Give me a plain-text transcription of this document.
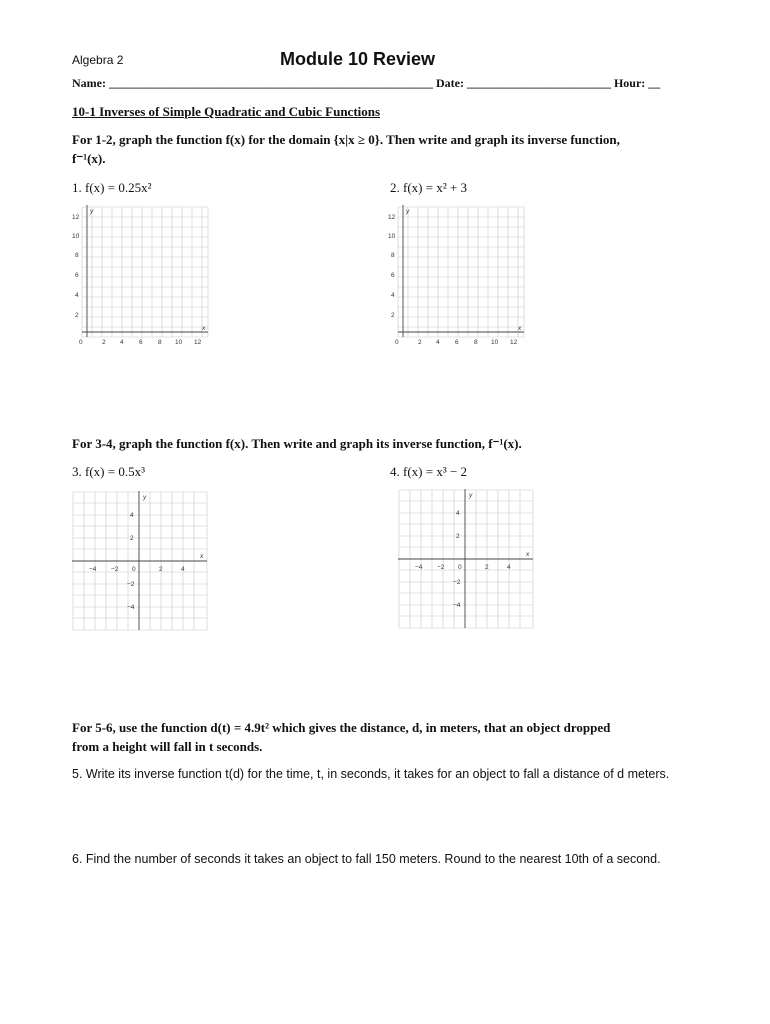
Algebra 2	Module 10 Review
Name: ______________________________________________________ Date: ________________________ Hour: __
10-1 Inverses of Simple Quadratic and Cubic Functions
For 1-2, graph the function f(x) for the domain {x|x ≥ 0}. Then write and graph its inverse function,
f⁻¹(x).
1. f(x) = 0.25x²	2. f(x) = x² + 3
y
x
2
4
6
8
10
12
0	2 4 6 8 10 12
y
x
2
4
6
8
10
12
0	2 4 6 8 10 12
For 3-4, graph the function f(x). Then write and graph its inverse function, f⁻¹(x).
3. f(x) = 0.5x³	4. f(x) = x³ − 2
y
x
4
2
−2
−4
−4 −2 0	2	4
y
x
4
2
−2
−4
−4 −2 0	2	4
For 5-6, use the function d(t) = 4.9t² which gives the distance, d, in meters, that an object dropped
from a height will fall in t seconds.
5. Write its inverse function t(d) for the time, t, in seconds, it takes for an object to fall a distance of d meters.
6. Find the number of seconds it takes an object to fall 150 meters. Round to the nearest 10th of a second.
